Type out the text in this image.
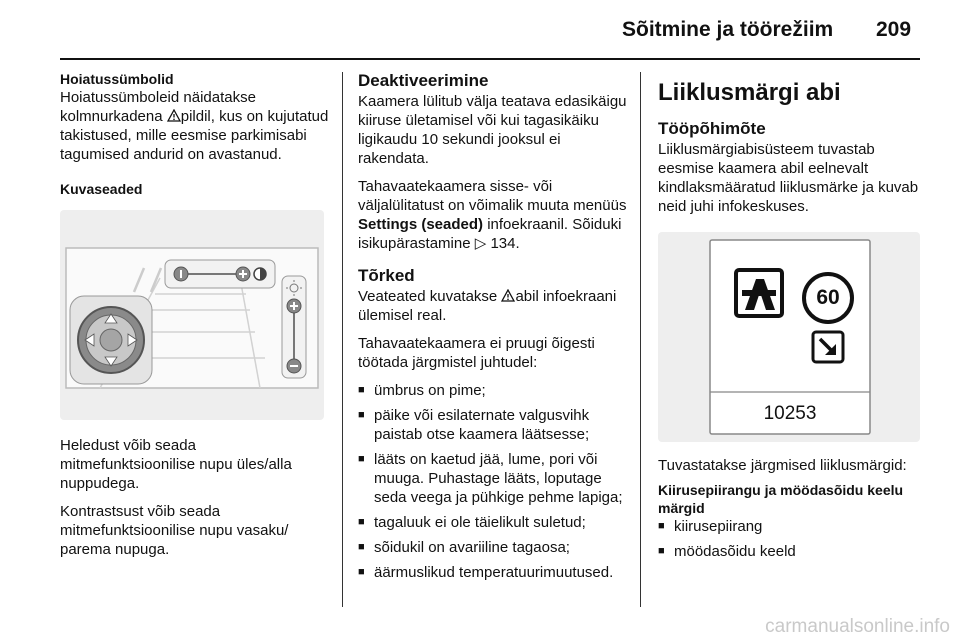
Sõitmine ja töörežiim 209
Hoiatussümbolid

Hoiatussümboleid näidatakse kolmnurkadena pildil, kus on kujutatud takistused, mille eesmise parkimisabi tagumised andurid on avastanud.

Kuvaseaded

Heledust võib seada mitmefunktsioonilise nupu üles/alla nuppudega.

Kontrastsust võib seada mitmefunktsioonilise nupu vasaku/ parema nupuga.

Deaktiveerimine

Kaamera lülitub välja teatava edasikäigu kiiruse ületamisel või kui tagasikäiku ligikaudu 10 sekundi jooksul ei rakendata.

Tahavaatekaamera sisse- või väljalülitatust on võimalik muuta menüüs Settings (seaded) infoekraanil. Sõiduki isikupärastamine ▷ 134.

Tõrked

Veateated kuvatakse abil infoekraani ülemisel real.

Tahavaatekaamera ei pruugi õigesti töötada järgmistel juhtudel:

■ ümbrus on pime;
■ päike või esilaternate valgusvihk paistab otse kaamera läätsesse;
■ lääts on kaetud jää, lume, pori või muuga. Puhastage lääts, loputage seda veega ja pühkige pehme lapiga;
■ tagaluuk ei ole täielikult suletud;
■ sõidukil on avariiline tagaosa;
■ äärmuslikud temperatuurimuutused.
Liiklusmärgi abi
Tööpõhimõte

Liiklusmärgiabisüsteem tuvastab eesmise kaamera abil eelnevalt kindlaksmääratud liiklusmärke ja kuvab neid juhi infokeskuses.

60
10253

Tuvastatakse järgmised liiklusmärgid:

Kiirusepiirangu ja möödasõidu keelu märgid
■ kiirusepiirang
■ möödasõidu keeld
carmanualsonline.info
